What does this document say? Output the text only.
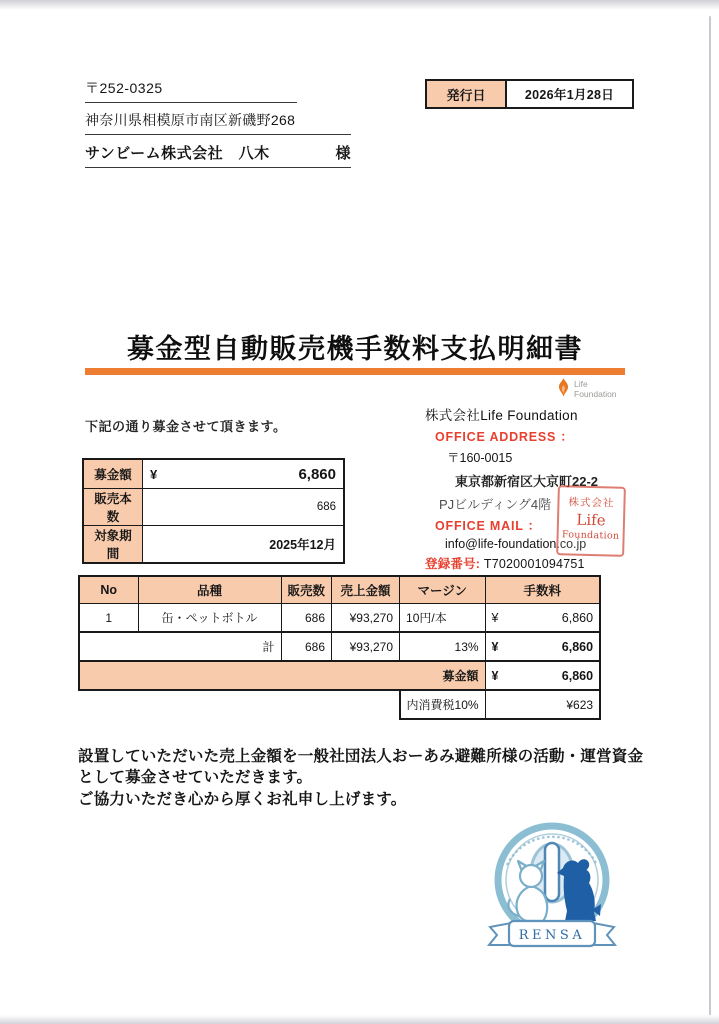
〒252-0325
神奈川県相模原市南区新磯野268
サンビーム株式会社　八木	様
発行日	2026年1月28日
募金型自動販売機手数料支払明細書
Life
Foundation
下記の通り募金させて頂きます。
募金額	¥ 6,860

販売本数	686
対象期間	2025年12月
株式会社Life Foundation
OFFICE ADDRESS ：
〒160-0015
東京都新宿区大京町22-2
PJビルディング4階
OFFICE MAIL ：
info@life-foundation.co.jp
登録番号: T7020001094751
株式会社
Life
Foundation
No	品種	販売数	売上金額	マージン	手数料
1	缶・ペットボトル	686	¥93,270	10円/本	¥ 6,860

計		686	¥93,270	13%	¥ 6,860

募金額					¥ 6,860

				内消費税10%	¥623
設置していただいた売上金額を一般社団法人おーあみ避難所様の活動・運営資金として募金させていただきます。
ご協力いただき心から厚くお礼申し上げます。
RENSA
